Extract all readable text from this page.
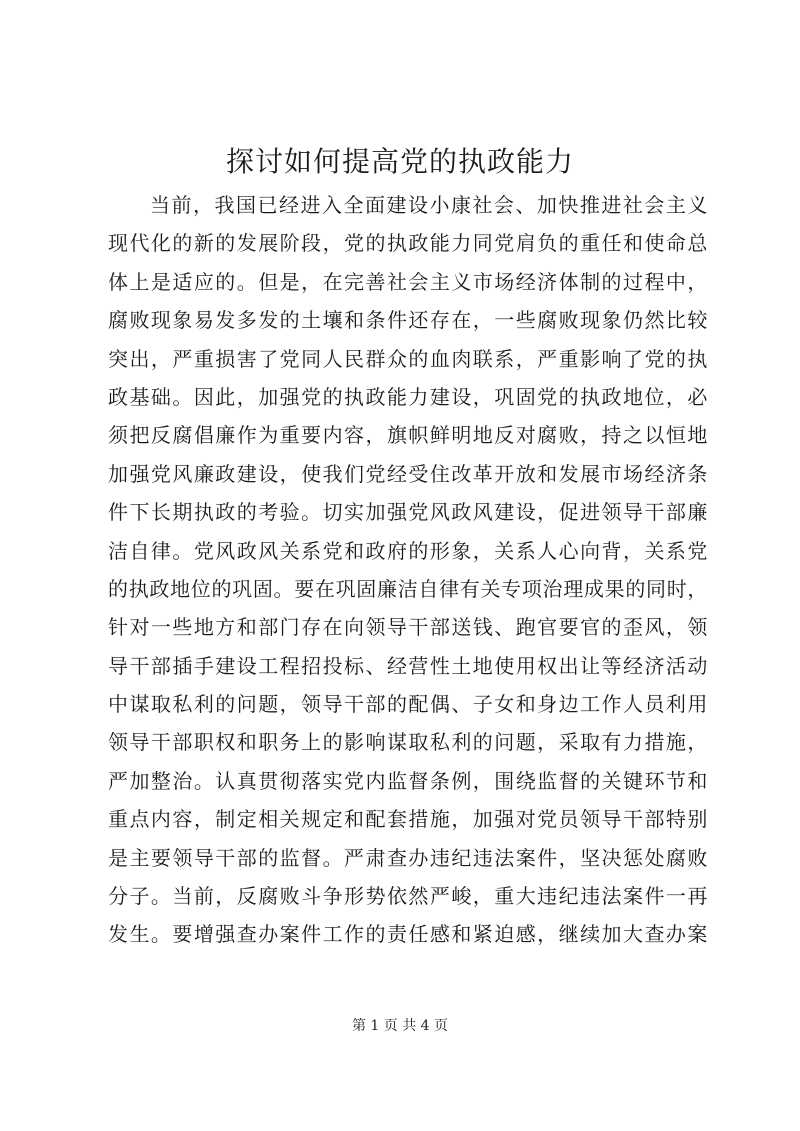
探讨如何提高党的执政能力
当前，我国已经进入全面建设小康社会、加快推进社会主义
现代化的新的发展阶段，党的执政能力同党肩负的重任和使命总
体上是适应的。但是，在完善社会主义市场经济体制的过程中，
腐败现象易发多发的土壤和条件还存在，一些腐败现象仍然比较
突出，严重损害了党同人民群众的血肉联系，严重影响了党的执
政基础。因此，加强党的执政能力建设，巩固党的执政地位，必
须把反腐倡廉作为重要内容，旗帜鲜明地反对腐败，持之以恒地
加强党风廉政建设，使我们党经受住改革开放和发展市场经济条
件下长期执政的考验。切实加强党风政风建设，促进领导干部廉
洁自律。党风政风关系党和政府的形象，关系人心向背，关系党
的执政地位的巩固。要在巩固廉洁自律有关专项治理成果的同时，
针对一些地方和部门存在向领导干部送钱、跑官要官的歪风，领
导干部插手建设工程招投标、经营性土地使用权出让等经济活动
中谋取私利的问题，领导干部的配偶、子女和身边工作人员利用
领导干部职权和职务上的影响谋取私利的问题，采取有力措施，
严加整治。认真贯彻落实党内监督条例，围绕监督的关键环节和
重点内容，制定相关规定和配套措施，加强对党员领导干部特别
是主要领导干部的监督。严肃查办违纪违法案件，坚决惩处腐败
分子。当前，反腐败斗争形势依然严峻，重大违纪违法案件一再
发生。要增强查办案件工作的责任感和紧迫感，继续加大查办案
第 1 页 共 4 页
